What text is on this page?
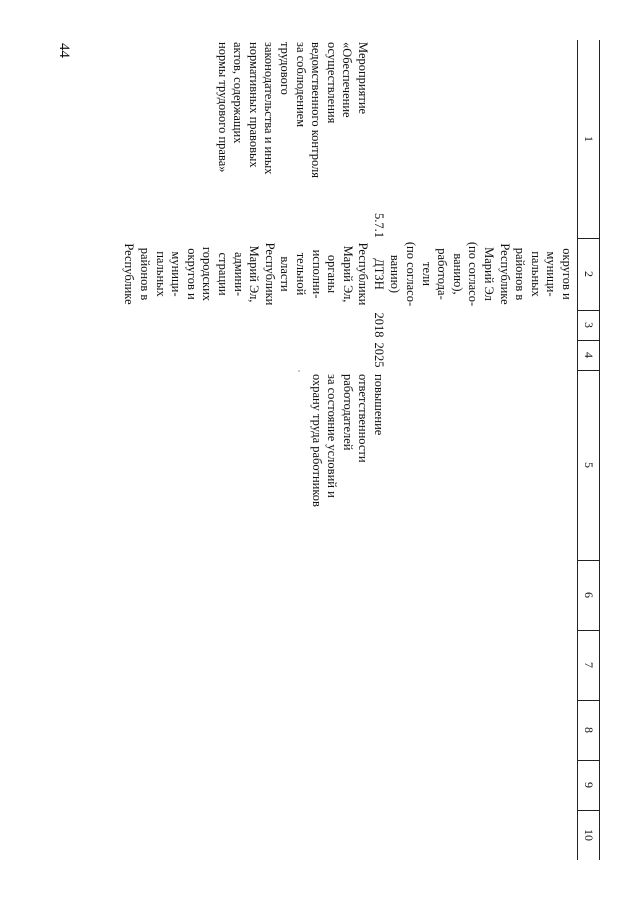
44
1
2
3
4
5
6
7
8
9
10

округов и

муници-

пальных

районов в

Республике

Марий Эл

(по согласо-

ванию),

работода-

тели

(по согласо-

ванию)

5.7.1

Мероприятие

«Обеспечение

осуществления

ведомственного контроля

за соблюдением

трудового

законодательства и иных

нормативных правовых

актов, содержащих

нормы трудового права»

ДТЗН

Республики

Марий Эл,

органы

исполни-

тельной

власти

Республики

Марий Эл,

админи-

страции

городских

округов и

муници-

пальных

районов в

Республике

2018
2025

повышение

ответственности

работодателей

за состояние условий и

охрану труда работников
